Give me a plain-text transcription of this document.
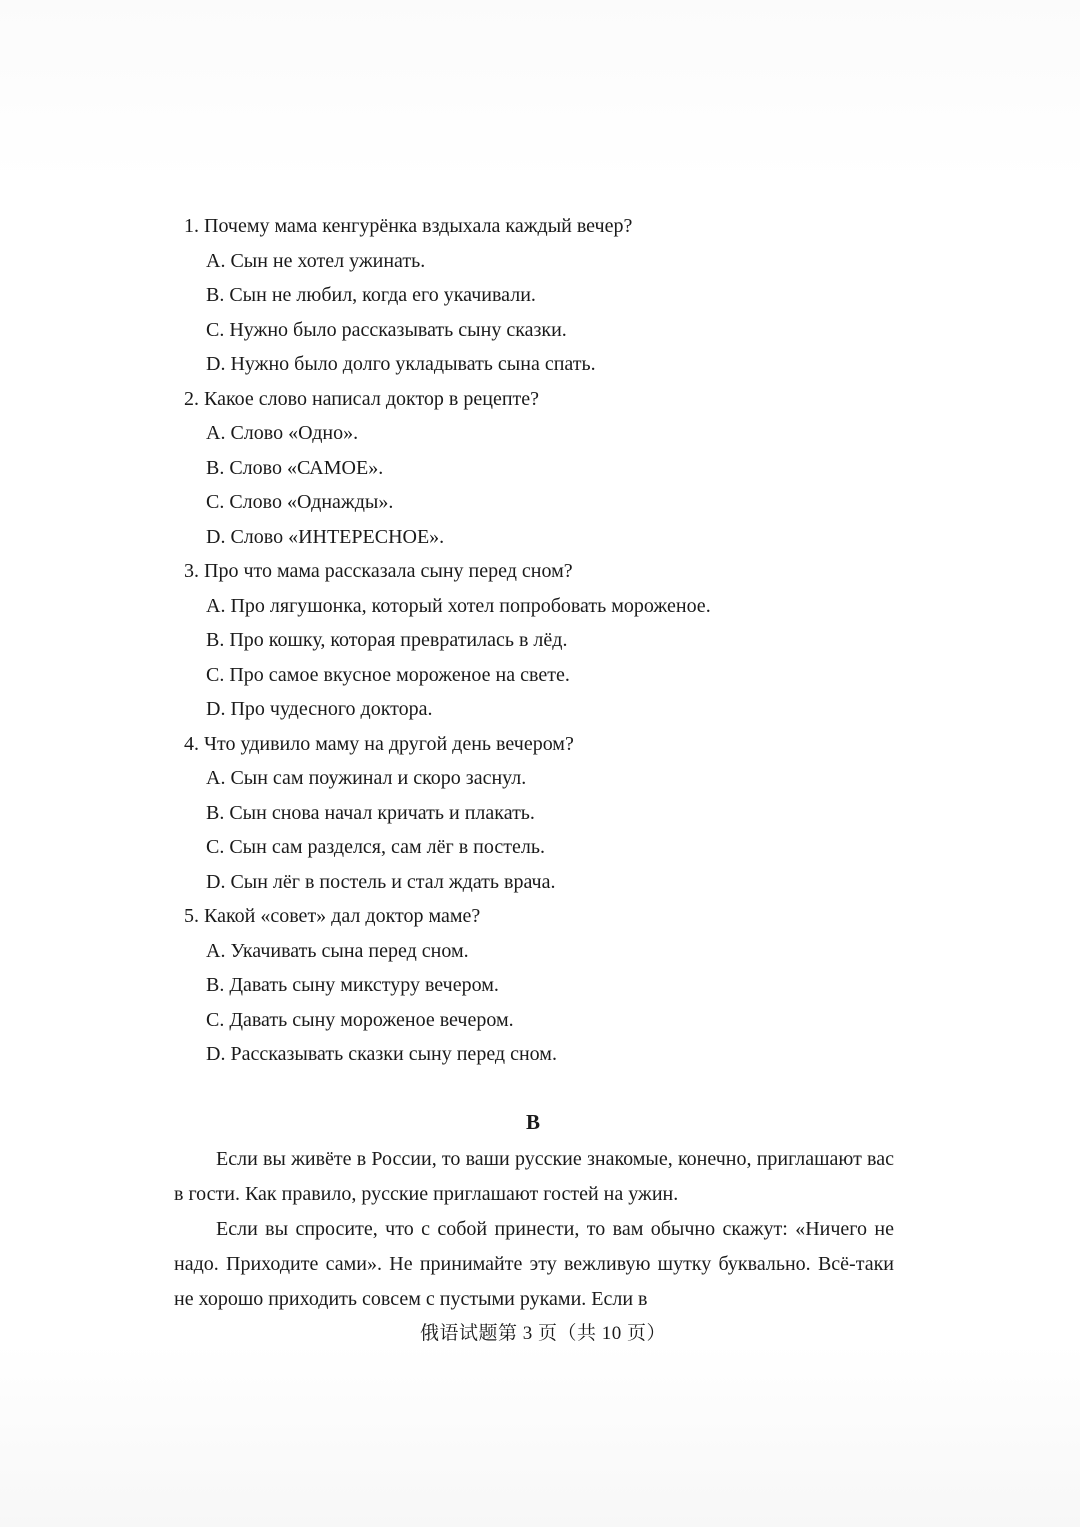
1. Почему мама кенгурёнка вздыхала каждый вечер?
A. Сын не хотел ужинать.
B. Сын не любил, когда его укачивали.
C. Нужно было рассказывать сыну сказки.
D. Нужно было долго укладывать сына спать.
2. Какое слово написал доктор в рецепте?
A. Слово «Одно».
B. Слово «САМОЕ».
C. Слово «Однажды».
D. Слово «ИНТЕРЕСНОЕ».
3. Про что мама рассказала сыну перед сном?
A. Про лягушонка, который хотел попробовать мороженое.
B. Про кошку, которая превратилась в лёд.
C. Про самое вкусное мороженое на свете.
D. Про чудесного доктора.
4. Что удивило маму на другой день вечером?
A. Сын сам поужинал и скоро заснул.
B. Сын снова начал кричать и плакать.
C. Сын сам разделся, сам лёг в постель.
D. Сын лёг в постель и стал ждать врача.
5. Какой «совет» дал доктор маме?
A. Укачивать сына перед сном.
B. Давать сыну микстуру вечером.
C. Давать сыну мороженое вечером.
D. Рассказывать сказки сыну перед сном.
B

Если вы живёте в России, то ваши русские знакомые, конечно, приглашают вас в гости. Как правило, русские приглашают гостей на ужин.

Если вы спросите, что с собой принести, то вам обычно скажут: «Ничего не надо. Приходите сами». Не принимайте эту вежливую шутку буквально. Всё-таки не хорошо приходить совсем с пустыми руками. Если в

俄语试题第 3 页（共 10 页）
